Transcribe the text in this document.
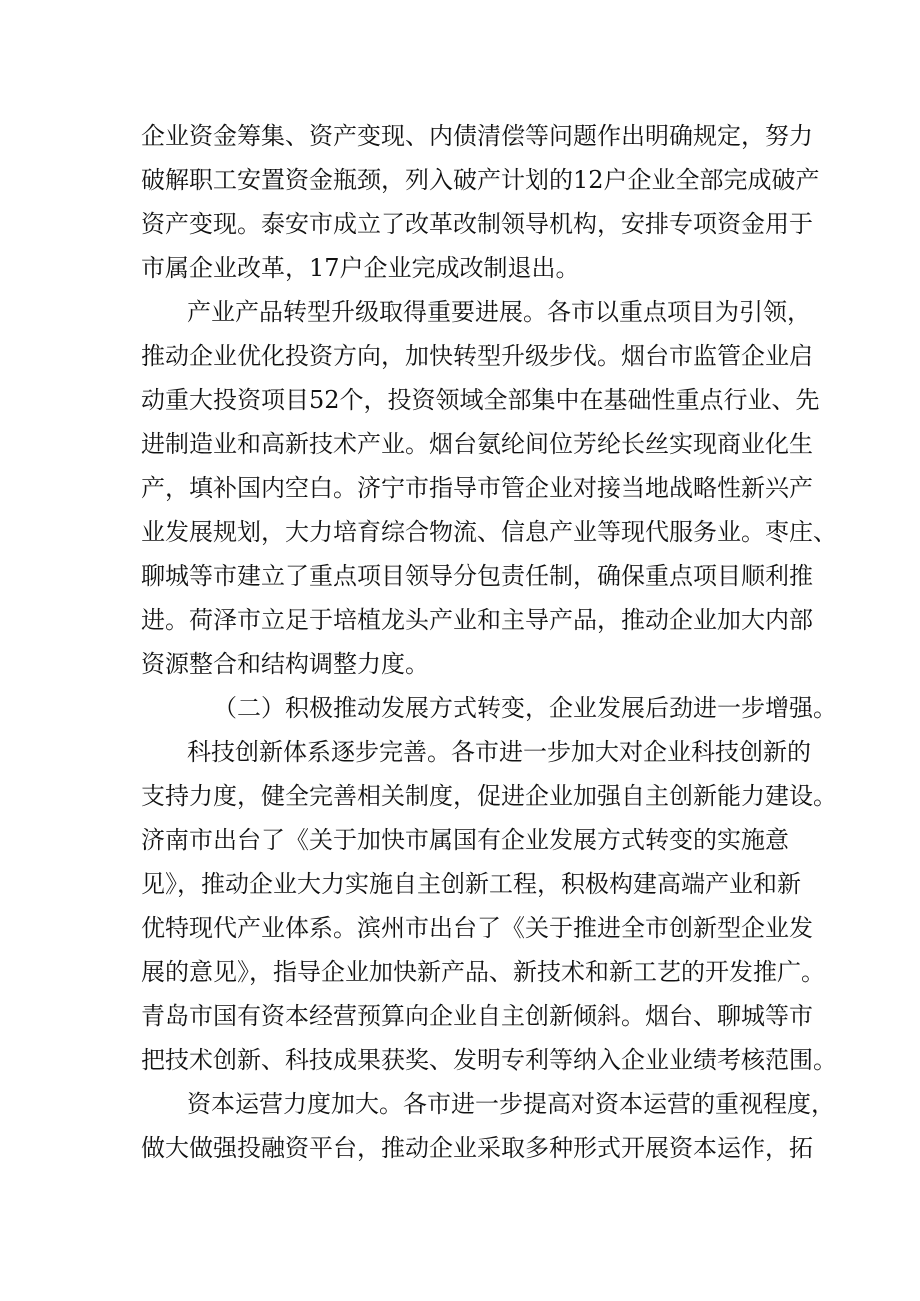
企业资金筹集、资产变现、内债清偿等问题作出明确规定，努力
破解职工安置资金瓶颈，列入破产计划的12户企业全部完成破产
资产变现。泰安市成立了改革改制领导机构，安排专项资金用于
市属企业改革，17户企业完成改制退出。
产业产品转型升级取得重要进展。各市以重点项目为引领，
推动企业优化投资方向，加快转型升级步伐。烟台市监管企业启
动重大投资项目52个，投资领域全部集中在基础性重点行业、先
进制造业和高新技术产业。烟台氨纶间位芳纶长丝实现商业化生
产，填补国内空白。济宁市指导市管企业对接当地战略性新兴产
业发展规划，大力培育综合物流、信息产业等现代服务业。枣庄、
聊城等市建立了重点项目领导分包责任制，确保重点项目顺利推
进。荷泽市立足于培植龙头产业和主导产品，推动企业加大内部
资源整合和结构调整力度。
（二）积极推动发展方式转变，企业发展后劲进一步增强。
科技创新体系逐步完善。各市进一步加大对企业科技创新的
支持力度，健全完善相关制度，促进企业加强自主创新能力建设。
济南市出台了《关于加快市属国有企业发展方式转变的实施意
见》，推动企业大力实施自主创新工程，积极构建高端产业和新
优特现代产业体系。滨州市出台了《关于推进全市创新型企业发
展的意见》，指导企业加快新产品、新技术和新工艺的开发推广。
青岛市国有资本经营预算向企业自主创新倾斜。烟台、聊城等市
把技术创新、科技成果获奖、发明专利等纳入企业业绩考核范围。
资本运营力度加大。各市进一步提高对资本运营的重视程度，
做大做强投融资平台，推动企业采取多种形式开展资本运作，拓
